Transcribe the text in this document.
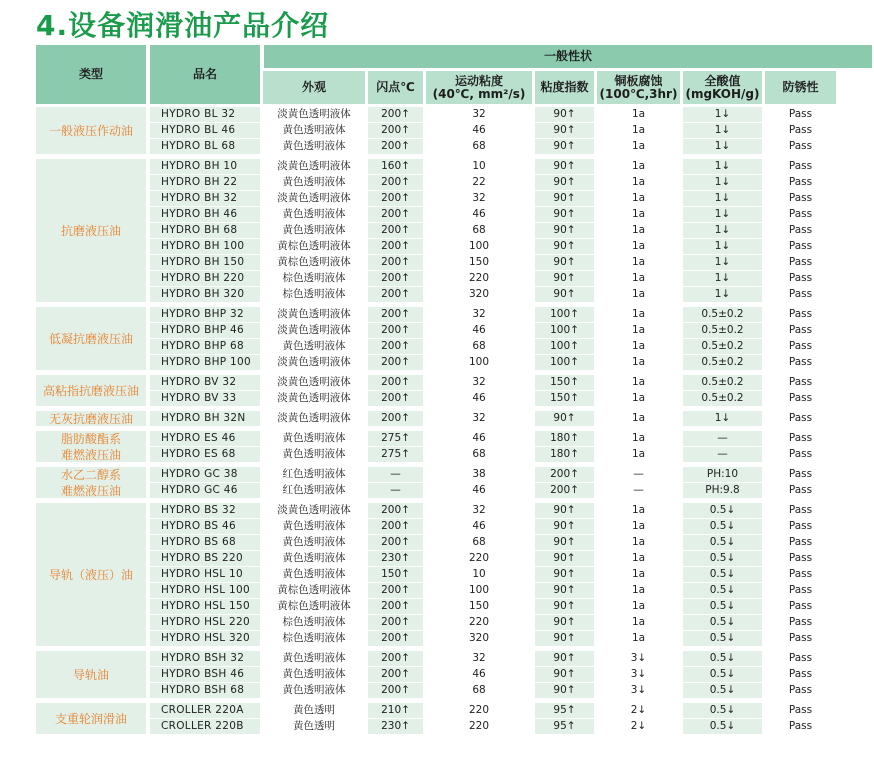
4.设备润滑油产品介绍
类型	品名
一般性状
外观	闪点℃	运动粘度
(40℃, mm²/s)	粘度指数	铜板腐蚀
(100℃,3hr)
全酸值
(mgKOH/g)	防锈性
一般液压作动油
HYDRO BL 32	淡黄色透明液体	200↑	32	90↑	1a	1↓	Pass
HYDRO BL 46	黄色透明液体	200↑	46	90↑	1a	1↓	Pass
HYDRO BL 68	黄色透明液体	200↑	68	90↑	1a	1↓	Pass
抗磨液压油
HYDRO BH 10	淡黄色透明液体	160↑	10	90↑	1a	1↓	Pass
HYDRO BH 22	黄色透明液体	200↑	22	90↑	1a	1↓	Pass
HYDRO BH 32	淡黄色透明液体	200↑	32	90↑	1a	1↓	Pass
HYDRO BH 46	黄色透明液体	200↑	46	90↑	1a	1↓	Pass
HYDRO BH 68	黄色透明液体	200↑	68	90↑	1a	1↓	Pass
HYDRO BH 100	黄棕色透明液体	200↑	100	90↑	1a	1↓	Pass
HYDRO BH 150	黄棕色透明液体	200↑	150	90↑	1a	1↓	Pass
HYDRO BH 220	棕色透明液体	200↑	220	90↑	1a	1↓	Pass
HYDRO BH 320	棕色透明液体	200↑	320	90↑	1a	1↓	Pass
低凝抗磨液压油
HYDRO BHP 32	淡黄色透明液体	200↑	32	100↑	1a	0.5±0.2	Pass
HYDRO BHP 46	淡黄色透明液体	200↑	46	100↑	1a	0.5±0.2	Pass
HYDRO BHP 68	黄色透明液体	200↑	68	100↑	1a	0.5±0.2	Pass
HYDRO BHP 100	淡黄色透明液体	200↑	100	100↑	1a	0.5±0.2	Pass
高粘指抗磨液压油
HYDRO BV 32	淡黄色透明液体	200↑	32	150↑	1a	0.5±0.2	Pass
HYDRO BV 33	淡黄色透明液体	200↑	46	150↑	1a	0.5±0.2	Pass
无灰抗磨液压油	HYDRO BH 32N	淡黄色透明液体	200↑	32	90↑	1a	1↓	Pass
脂肪酸酯系
难燃液压油
HYDRO ES 46	黄色透明液体	275↑	46	180↑	1a	—	Pass
HYDRO ES 68	黄色透明液体	275↑	68	180↑	1a	—	Pass
水乙二醇系
难燃液压油
HYDRO GC 38	红色透明液体	—	38	200↑	—	PH:10	Pass
HYDRO GC 46	红色透明液体	—	46	200↑	—	PH:9.8	Pass
导轨（液压）油
HYDRO BS 32	淡黄色透明液体	200↑	32	90↑	1a	0.5↓	Pass
HYDRO BS 46	黄色透明液体	200↑	46	90↑	1a	0.5↓	Pass
HYDRO BS 68	黄色透明液体	200↑	68	90↑	1a	0.5↓	Pass
HYDRO BS 220	黄色透明液体	230↑	220	90↑	1a	0.5↓	Pass
HYDRO HSL 10	黄色透明液体	150↑	10	90↑	1a	0.5↓	Pass
HYDRO HSL 100	黄棕色透明液体	200↑	100	90↑	1a	0.5↓	Pass
HYDRO HSL 150	黄棕色透明液体	200↑	150	90↑	1a	0.5↓	Pass
HYDRO HSL 220	棕色透明液体	200↑	220	90↑	1a	0.5↓	Pass
HYDRO HSL 320	棕色透明液体	200↑	320	90↑	1a	0.5↓	Pass
导轨油
HYDRO BSH 32	黄色透明液体	200↑	32	90↑	3↓	0.5↓	Pass
HYDRO BSH 46	黄色透明液体	200↑	46	90↑	3↓	0.5↓	Pass
HYDRO BSH 68	黄色透明液体	200↑	68	90↑	3↓	0.5↓	Pass
支重轮润滑油
CROLLER 220A	黄色透明	210↑	220	95↑	2↓	0.5↓	Pass
CROLLER 220B	黄色透明	230↑	220	95↑	2↓	0.5↓	Pass
